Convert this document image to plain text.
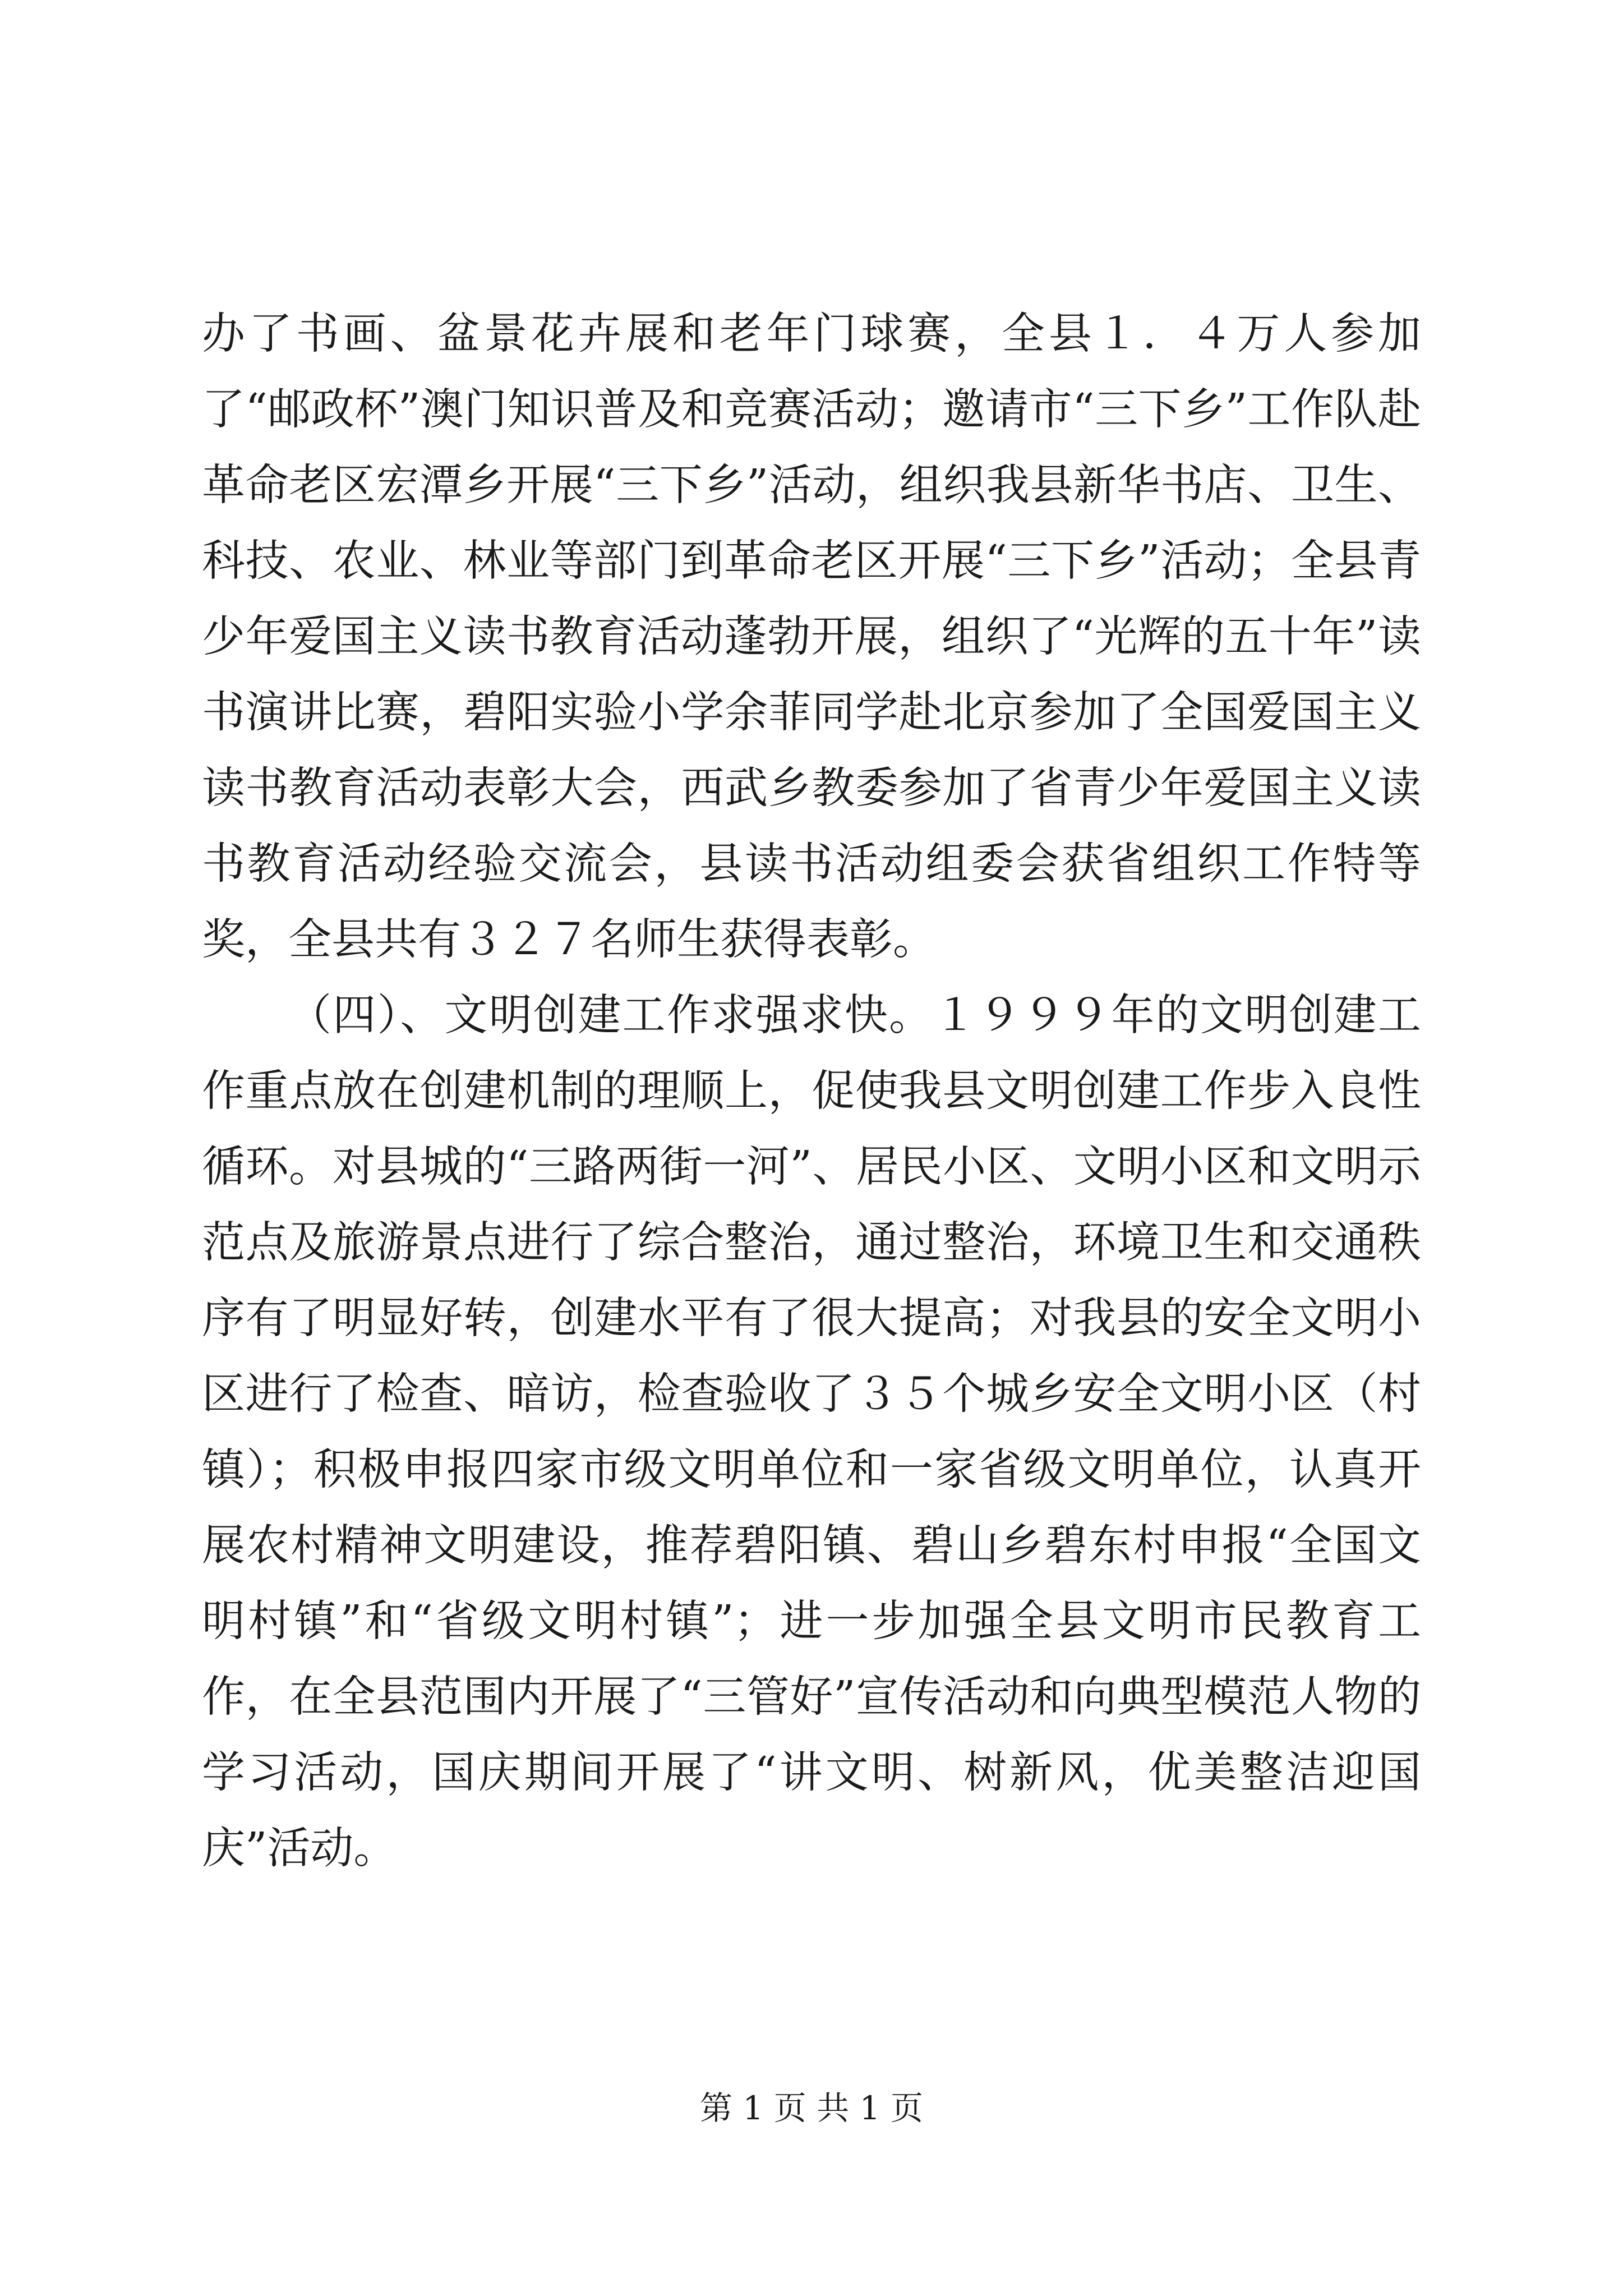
办了书画、盆景花卉展和老年门球赛，全县１．４万人参加了“邮政杯”澳门知识普及和竞赛活动；邀请市“三下乡”工作队赴革命老区宏潭乡开展“三下乡”活动，组织我县新华书店、卫生、科技、农业、林业等部门到革命老区开展“三下乡”活动；全县青少年爱国主义读书教育活动蓬勃开展，组织了“光辉的五十年”读书演讲比赛，碧阳实验小学余菲同学赴北京参加了全国爱国主义读书教育活动表彰大会，西武乡教委参加了省青少年爱国主义读书教育活动经验交流会，县读书活动组委会获省组织工作特等奖，全县共有３２７名师生获得表彰。

（四）、文明创建工作求强求快。１９９９年的文明创建工作重点放在创建机制的理顺上，促使我县文明创建工作步入良性循环。对县城的“三路两街一河”、居民小区、文明小区和文明示范点及旅游景点进行了综合整治，通过整治，环境卫生和交通秩序有了明显好转，创建水平有了很大提高；对我县的安全文明小区进行了检查、暗访，检查验收了３５个城乡安全文明小区（村镇）；积极申报四家市级文明单位和一家省级文明单位，认真开展农村精神文明建设，推荐碧阳镇、碧山乡碧东村申报“全国文明村镇”和“省级文明村镇”；进一步加强全县文明市民教育工作，在全县范围内开展了“三管好”宣传活动和向典型模范人物的学习活动，国庆期间开展了“讲文明、树新风，优美整洁迎国庆”活动。

第 1 页 共 1 页
